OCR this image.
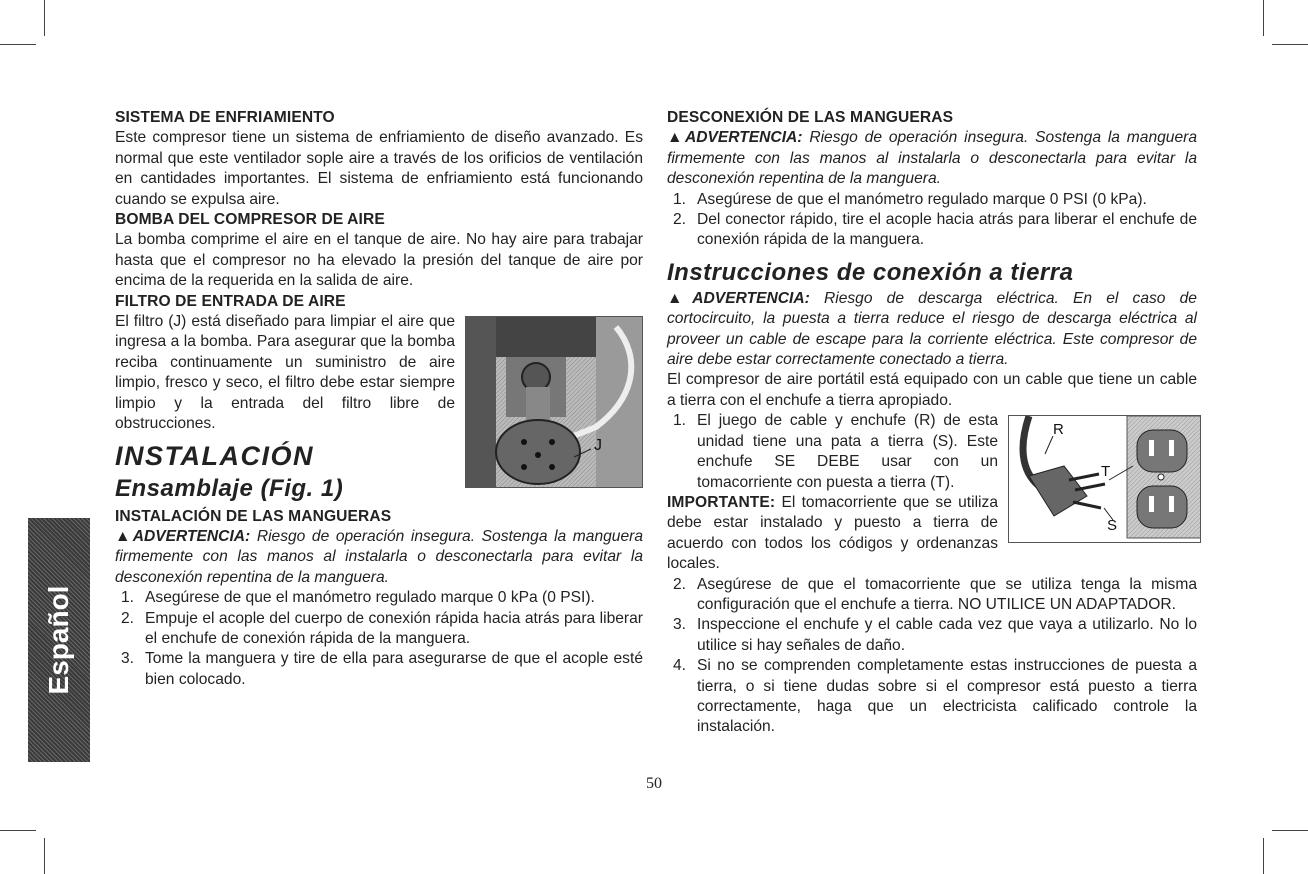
SISTEMA DE ENFRIAMIENTO
Este compresor tiene un sistema de enfriamiento de diseño avanzado. Es normal que este ventilador sople aire a través de los orificios de ventilación en cantidades importantes. El sistema de enfriamiento está funcionando cuando se expulsa aire.
BOMBA DEL COMPRESOR DE AIRE
La bomba comprime el aire en el tanque de aire. No hay aire para trabajar hasta que el compresor no ha elevado la presión del tanque de aire por encima de la requerida en la salida de aire.
FILTRO DE ENTRADA DE AIRE
J
El filtro (J) está diseñado para limpiar el aire que ingresa a la bomba. Para asegurar que la bomba reciba continuamente un suministro de aire limpio, fresco y seco, el filtro debe estar siempre limpio y la entrada del filtro libre de obstrucciones.
INSTALACIÓN
Ensamblaje (Fig. 1)
INSTALACIÓN DE LAS MANGUERAS
▲ADVERTENCIA: Riesgo de operación insegura. Sostenga la manguera firmemente con las manos al instalarla o desconectarla para evitar la desconexión repentina de la manguera.
1. Asegúrese de que el manómetro regulado marque 0 kPa (0 PSI).
2. Empuje el acople del cuerpo de conexión rápida hacia atrás para liberar el enchufe de conexión rápida de la manguera.
3. Tome la manguera y tire de ella para asegurarse de que el acople esté bien colocado.
DESCONEXIÓN DE LAS MANGUERAS
▲ADVERTENCIA: Riesgo de operación insegura. Sostenga la manguera firmemente con las manos al instalarla o desconectarla para evitar la desconexión repentina de la manguera.
1. Asegúrese de que el manómetro regulado marque 0 PSI (0 kPa).
2. Del conector rápido, tire el acople hacia atrás para liberar el enchufe de conexión rápida de la manguera.
Instrucciones de conexión a tierra
▲ADVERTENCIA: Riesgo de descarga eléctrica. En el caso de cortocircuito, la puesta a tierra reduce el riesgo de descarga eléctrica al proveer un cable de escape para la corriente eléctrica. Este compresor de aire debe estar correctamente conectado a tierra.
El compresor de aire portátil está equipado con un cable que tiene un cable a tierra con el enchufe a tierra apropiado.
R
T
S
1. El juego de cable y enchufe (R) de esta unidad tiene una pata a tierra (S). Este enchufe SE DEBE usar con un tomacorriente con puesta a tierra (T).
IMPORTANTE: El tomacorriente que se utiliza debe estar instalado y puesto a tierra de acuerdo con todos los códigos y ordenanzas locales.
2. Asegúrese de que el tomacorriente que se utiliza tenga la misma configuración que el enchufe a tierra. NO UTILICE UN ADAPTADOR.
3. Inspeccione el enchufe y el cable cada vez que vaya a utilizarlo. No lo utilice si hay señales de daño.
4. Si no se comprenden completamente estas instrucciones de puesta a tierra, o si tiene dudas sobre si el compresor está puesto a tierra correctamente, haga que un electricista calificado controle la instalación.
Español
50
